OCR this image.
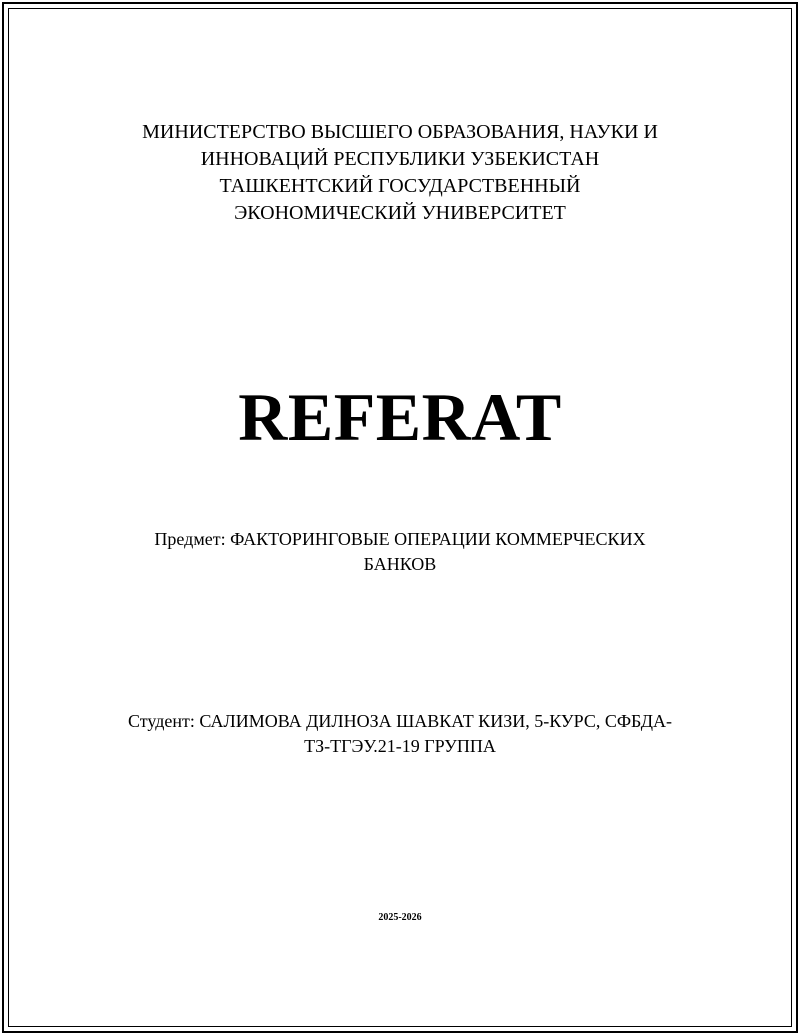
МИНИСТЕРСТВО ВЫСШЕГО ОБРАЗОВАНИЯ, НАУКИ И
ИННОВАЦИЙ РЕСПУБЛИКИ УЗБЕКИСТАН
ТАШКЕНТСКИЙ ГОСУДАРСТВЕННЫЙ
ЭКОНОМИЧЕСКИЙ УНИВЕРСИТЕТ
REFERAT
Предмет: ФАКТОРИНГОВЫЕ ОПЕРАЦИИ КОММЕРЧЕСКИХ
БАНКОВ
Студент: САЛИМОВА ДИЛНОЗА ШАВКАТ КИЗИ, 5-КУРС, СФБДА-
ТЗ-ТГЭУ.21-19 ГРУППА
2025-2026
